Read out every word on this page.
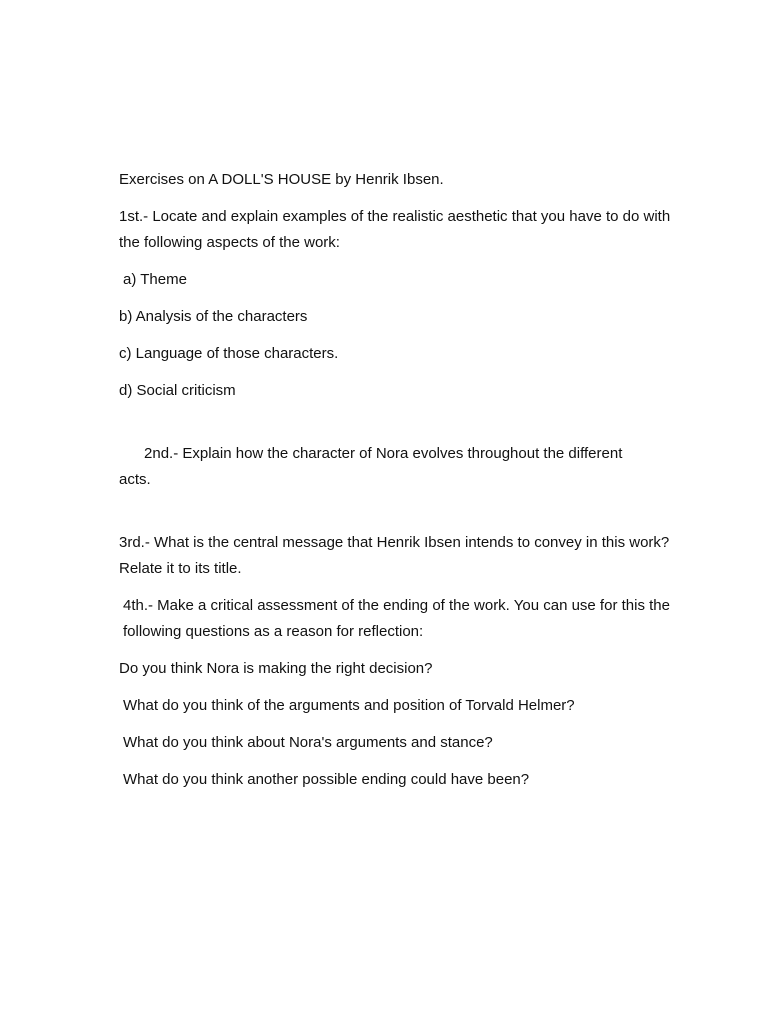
Exercises on A DOLL'S HOUSE by Henrik Ibsen.

1st.- Locate and explain examples of the realistic aesthetic that you have to do with the following aspects of the work:

a) Theme

b) Analysis of the characters

c) Language of those characters.

d) Social criticism

2nd.- Explain how the character of Nora evolves throughout the different
acts.

3rd.- What is the central message that Henrik Ibsen intends to convey in this work? Relate it to its title.

4th.- Make a critical assessment of the ending of the work. You can use for this the following questions as a reason for reflection:

Do you think Nora is making the right decision?

What do you think of the arguments and position of Torvald Helmer?

What do you think about Nora's arguments and stance?

What do you think another possible ending could have been?
